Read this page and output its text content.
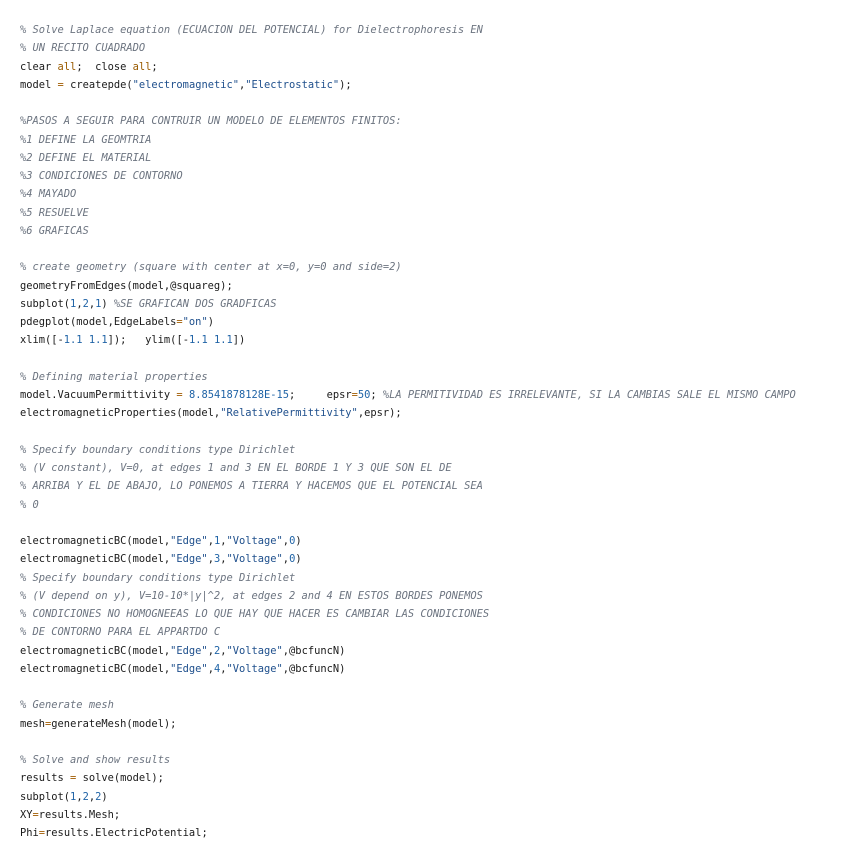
% Solve Laplace equation (ECUACION DEL POTENCIAL) for Dielectrophoresis EN
% UN RECITO CUADRADO
clear all;  close all;
model = createpde("electromagnetic","Electrostatic");
%PASOS A SEGUIR PARA CONTRUIR UN MODELO DE ELEMENTOS FINITOS:
%1 DEFINE LA GEOMTRIA
%2 DEFINE EL MATERIAL
%3 CONDICIONES DE CONTORNO
%4 MAYADO
%5 RESUELVE
%6 GRAFICAS
% create geometry (square with center at x=0, y=0 and side=2)
geometryFromEdges(model,@squareg);
subplot(1,2,1) %SE GRAFICAN DOS GRADFICAS
pdegplot(model,EdgeLabels="on")
xlim([-1.1 1.1]);   ylim([-1.1 1.1])
% Defining material properties
model.VacuumPermittivity = 8.8541878128E-15;     epsr=50; %LA PERMITIVIDAD ES IRRELEVANTE, SI LA CAMBIAS SALE EL MISMO CAMPO
electromagneticProperties(model,"RelativePermittivity",epsr);
% Specify boundary conditions type Dirichlet
% (V constant), V=0, at edges 1 and 3 EN EL BORDE 1 Y 3 QUE SON EL DE
% ARRIBA Y EL DE ABAJO, LO PONEMOS A TIERRA Y HACEMOS QUE EL POTENCIAL SEA
% 0
electromagneticBC(model,"Edge",1,"Voltage",0)
electromagneticBC(model,"Edge",3,"Voltage",0)
% Specify boundary conditions type Dirichlet
% (V depend on y), V=10-10*|y|^2, at edges 2 and 4 EN ESTOS BORDES PONEMOS
% CONDICIONES NO HOMOGNEEAS LO QUE HAY QUE HACER ES CAMBIAR LAS CONDICIONES
% DE CONTORNO PARA EL APPARTDO C
electromagneticBC(model,"Edge",2,"Voltage",@bcfuncN)
electromagneticBC(model,"Edge",4,"Voltage",@bcfuncN)
% Generate mesh
mesh=generateMesh(model);
% Solve and show results
results = solve(model);
subplot(1,2,2)
XY=results.Mesh;
Phi=results.ElectricPotential;
